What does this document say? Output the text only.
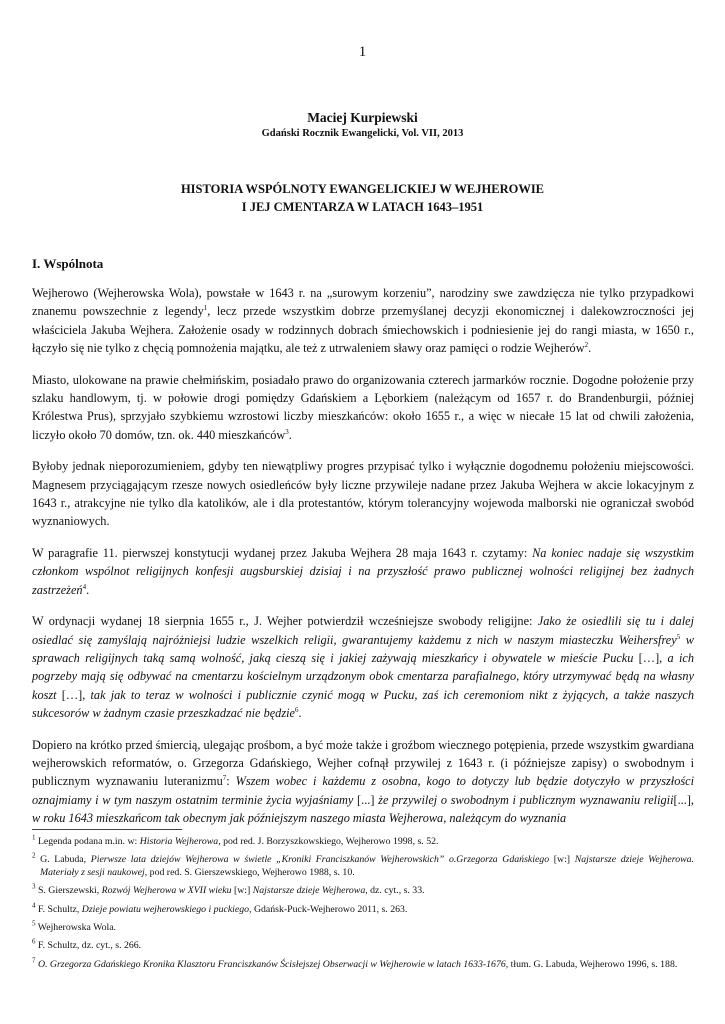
1
Maciej Kurpiewski
Gdański Rocznik Ewangelicki, Vol. VII, 2013
HISTORIA WSPÓLNOTY EWANGELICKIEJ W WEJHEROWIE
I JEJ CMENTARZA W LATACH 1643–1951
I. Wspólnota

Wejherowo (Wejherowska Wola), powstałe w 1643 r. na „surowym korzeniu”, narodziny swe zawdzięcza nie tylko przypadkowi znanemu powszechnie z legendy$^1$, lecz przede wszystkim dobrze przemyślanej decyzji ekonomicznej i dalekowzroczności jej właściciela Jakuba Wejhera. Założenie osady w rodzinnych dobrach śmiechowskich i podniesienie jej do rangi miasta, w 1650 r., łączyło się nie tylko z chęcią pomnożenia majątku, ale też z utrwaleniem sławy oraz pamięci o rodzie Wejherów$^2$.

Miasto, ulokowane na prawie chełmińskim, posiadało prawo do organizowania czterech jarmarków rocznie. Dogodne położenie przy szlaku handlowym, tj. w połowie drogi pomiędzy Gdańskiem a Lęborkiem (należącym od 1657 r. do Brandenburgii, później Królestwa Prus), sprzyjało szybkiemu wzrostowi liczby mieszkańców: około 1655 r., a więc w niecałe 15 lat od chwili założenia, liczyło około 70 domów, tzn. ok. 440 mieszkańców$^3$.

Byłoby jednak nieporozumieniem, gdyby ten niewątpliwy progres przypisać tylko i wyłącznie dogodnemu położeniu miejscowości. Magnesem przyciągającym rzesze nowych osiedleńców były liczne przywileje nadane przez Jakuba Wejhera w akcie lokacyjnym z 1643 r., atrakcyjne nie tylko dla katolików, ale i dla protestantów, którym tolerancyjny wojewoda malborski nie ograniczał swobód wyznaniowych.

W paragrafie 11. pierwszej konstytucji wydanej przez Jakuba Wejhera 28 maja 1643 r. czytamy: Na koniec nadaje się wszystkim członkom wspólnot religijnych konfesji augsburskiej dzisiaj i na przyszłość prawo publicznej wolności religijnej bez żadnych zastrzeżeń$^4$.

W ordynacji wydanej 18 sierpnia 1655 r., J. Wejher potwierdził wcześniejsze swobody religijne: Jako że osiedlili się tu i dalej osiedlać się zamyślają najróżniejsi ludzie wszelkich religii, gwarantujemy każdemu z nich w naszym miasteczku Weihersfrey$^5$ w sprawach religijnych taką samą wolność, jaką cieszą się i jakiej zażywają mieszkańcy i obywatele w mieście Pucku […], a ich pogrzeby mają się odbywać na cmentarzu kościelnym urządzonym obok cmentarza parafialnego, który utrzymywać będą na własny koszt […], tak jak to teraz w wolności i publicznie czynić mogą w Pucku, zaś ich ceremoniom nikt z żyjących, a także naszych sukcesorów w żadnym czasie przeszkadzać nie będzie$^6$.

Dopiero na krótko przed śmiercią, ulegając prośbom, a być może także i groźbom wiecznego potępienia, przede wszystkim gwardiana wejherowskich reformatów, o. Grzegorza Gdańskiego, Wejher cofnął przywilej z 1643 r. (i późniejsze zapisy) o swobodnym i publicznym wyznawaniu luteranizmu$^7$: Wszem wobec i każdemu z osobna, kogo to dotyczy lub będzie dotyczyło w przyszłości oznajmiamy i w tym naszym ostatnim terminie życia wyjaśniamy [...] że przywilej o swobodnym i publicznym wyznawaniu religii[...], w roku 1643 mieszkańcom tak obecnym jak późniejszym naszego miasta Wejherowa, należącym do wyznania

$^1$ Legenda podana m.in. w: Historia Wejherowa, pod red. J. Borzyszkowskiego, Wejherowo 1998, s. 52.
$^2$ G. Labuda, Pierwsze lata dziejów Wejherowa w świetle „Kroniki Franciszkanów Wejherowskich” o.Grzegorza Gdańskiego [w:] Najstarsze dzieje Wejherowa. Materiały z sesji naukowej, pod red. S. Gierszewskiego, Wejherowo 1988, s. 10.
$^3$ S. Gierszewski, Rozwój Wejherowa w XVII wieku [w:] Najstarsze dzieje Wejherowa, dz. cyt., s. 33.
$^4$ F. Schultz, Dzieje powiatu wejherowskiego i puckiego, Gdańsk-Puck-Wejherowo 2011, s. 263.
$^5$ Wejherowska Wola.
$^6$ F. Schultz, dz. cyt., s. 266.
$^7$ O. Grzegorza Gdańskiego Kronika Klasztoru Franciszkanów Ścisłejszej Obserwacji w Wejherowie w latach 1633-1676, tłum. G. Labuda, Wejherowo 1996, s. 188.
